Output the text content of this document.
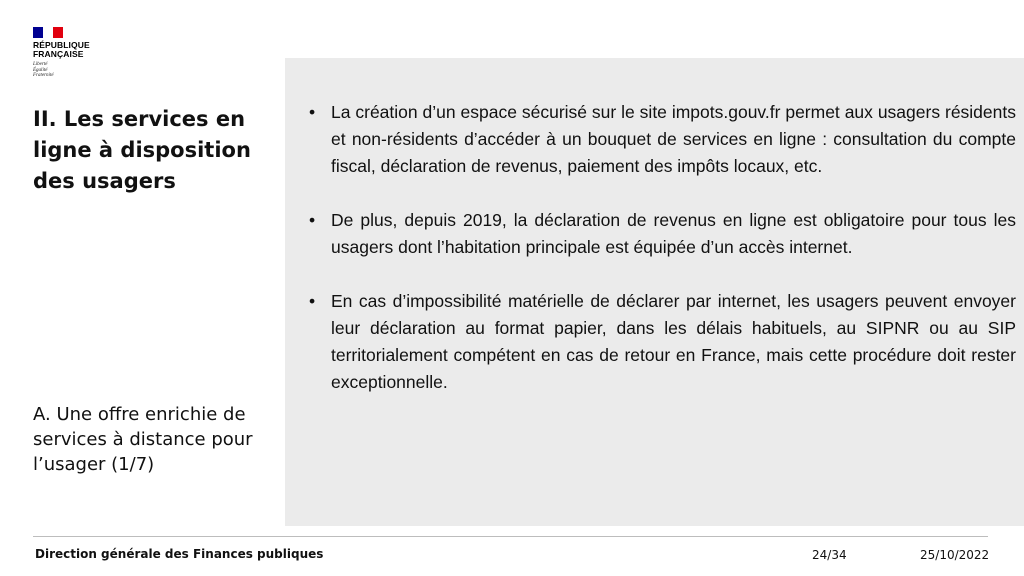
RÉPUBLIQUE
FRANÇAISE
Liberté
Égalité
Fraternité
II. Les services en ligne à disposition des usagers
A. Une offre enrichie de services à distance pour l’usager (1/7)
• La création d’un espace sécurisé sur le site impots.gouv.fr permet aux usagers résidents et non-résidents d’accéder à un bouquet de services en ligne : consultation du compte fiscal, déclaration de revenus, paiement des impôts locaux, etc.
• De plus, depuis 2019, la déclaration de revenus en ligne est obligatoire pour tous les usagers dont l’habitation principale est équipée d’un accès internet.
• En cas d’impossibilité matérielle de déclarer par internet, les usagers peuvent envoyer leur déclaration au format papier, dans les délais habituels, au SIPNR ou au SIP territorialement compétent en cas de retour en France, mais cette procédure doit rester exceptionnelle.
Direction générale des Finances publiques	24/34	25/10/2022
